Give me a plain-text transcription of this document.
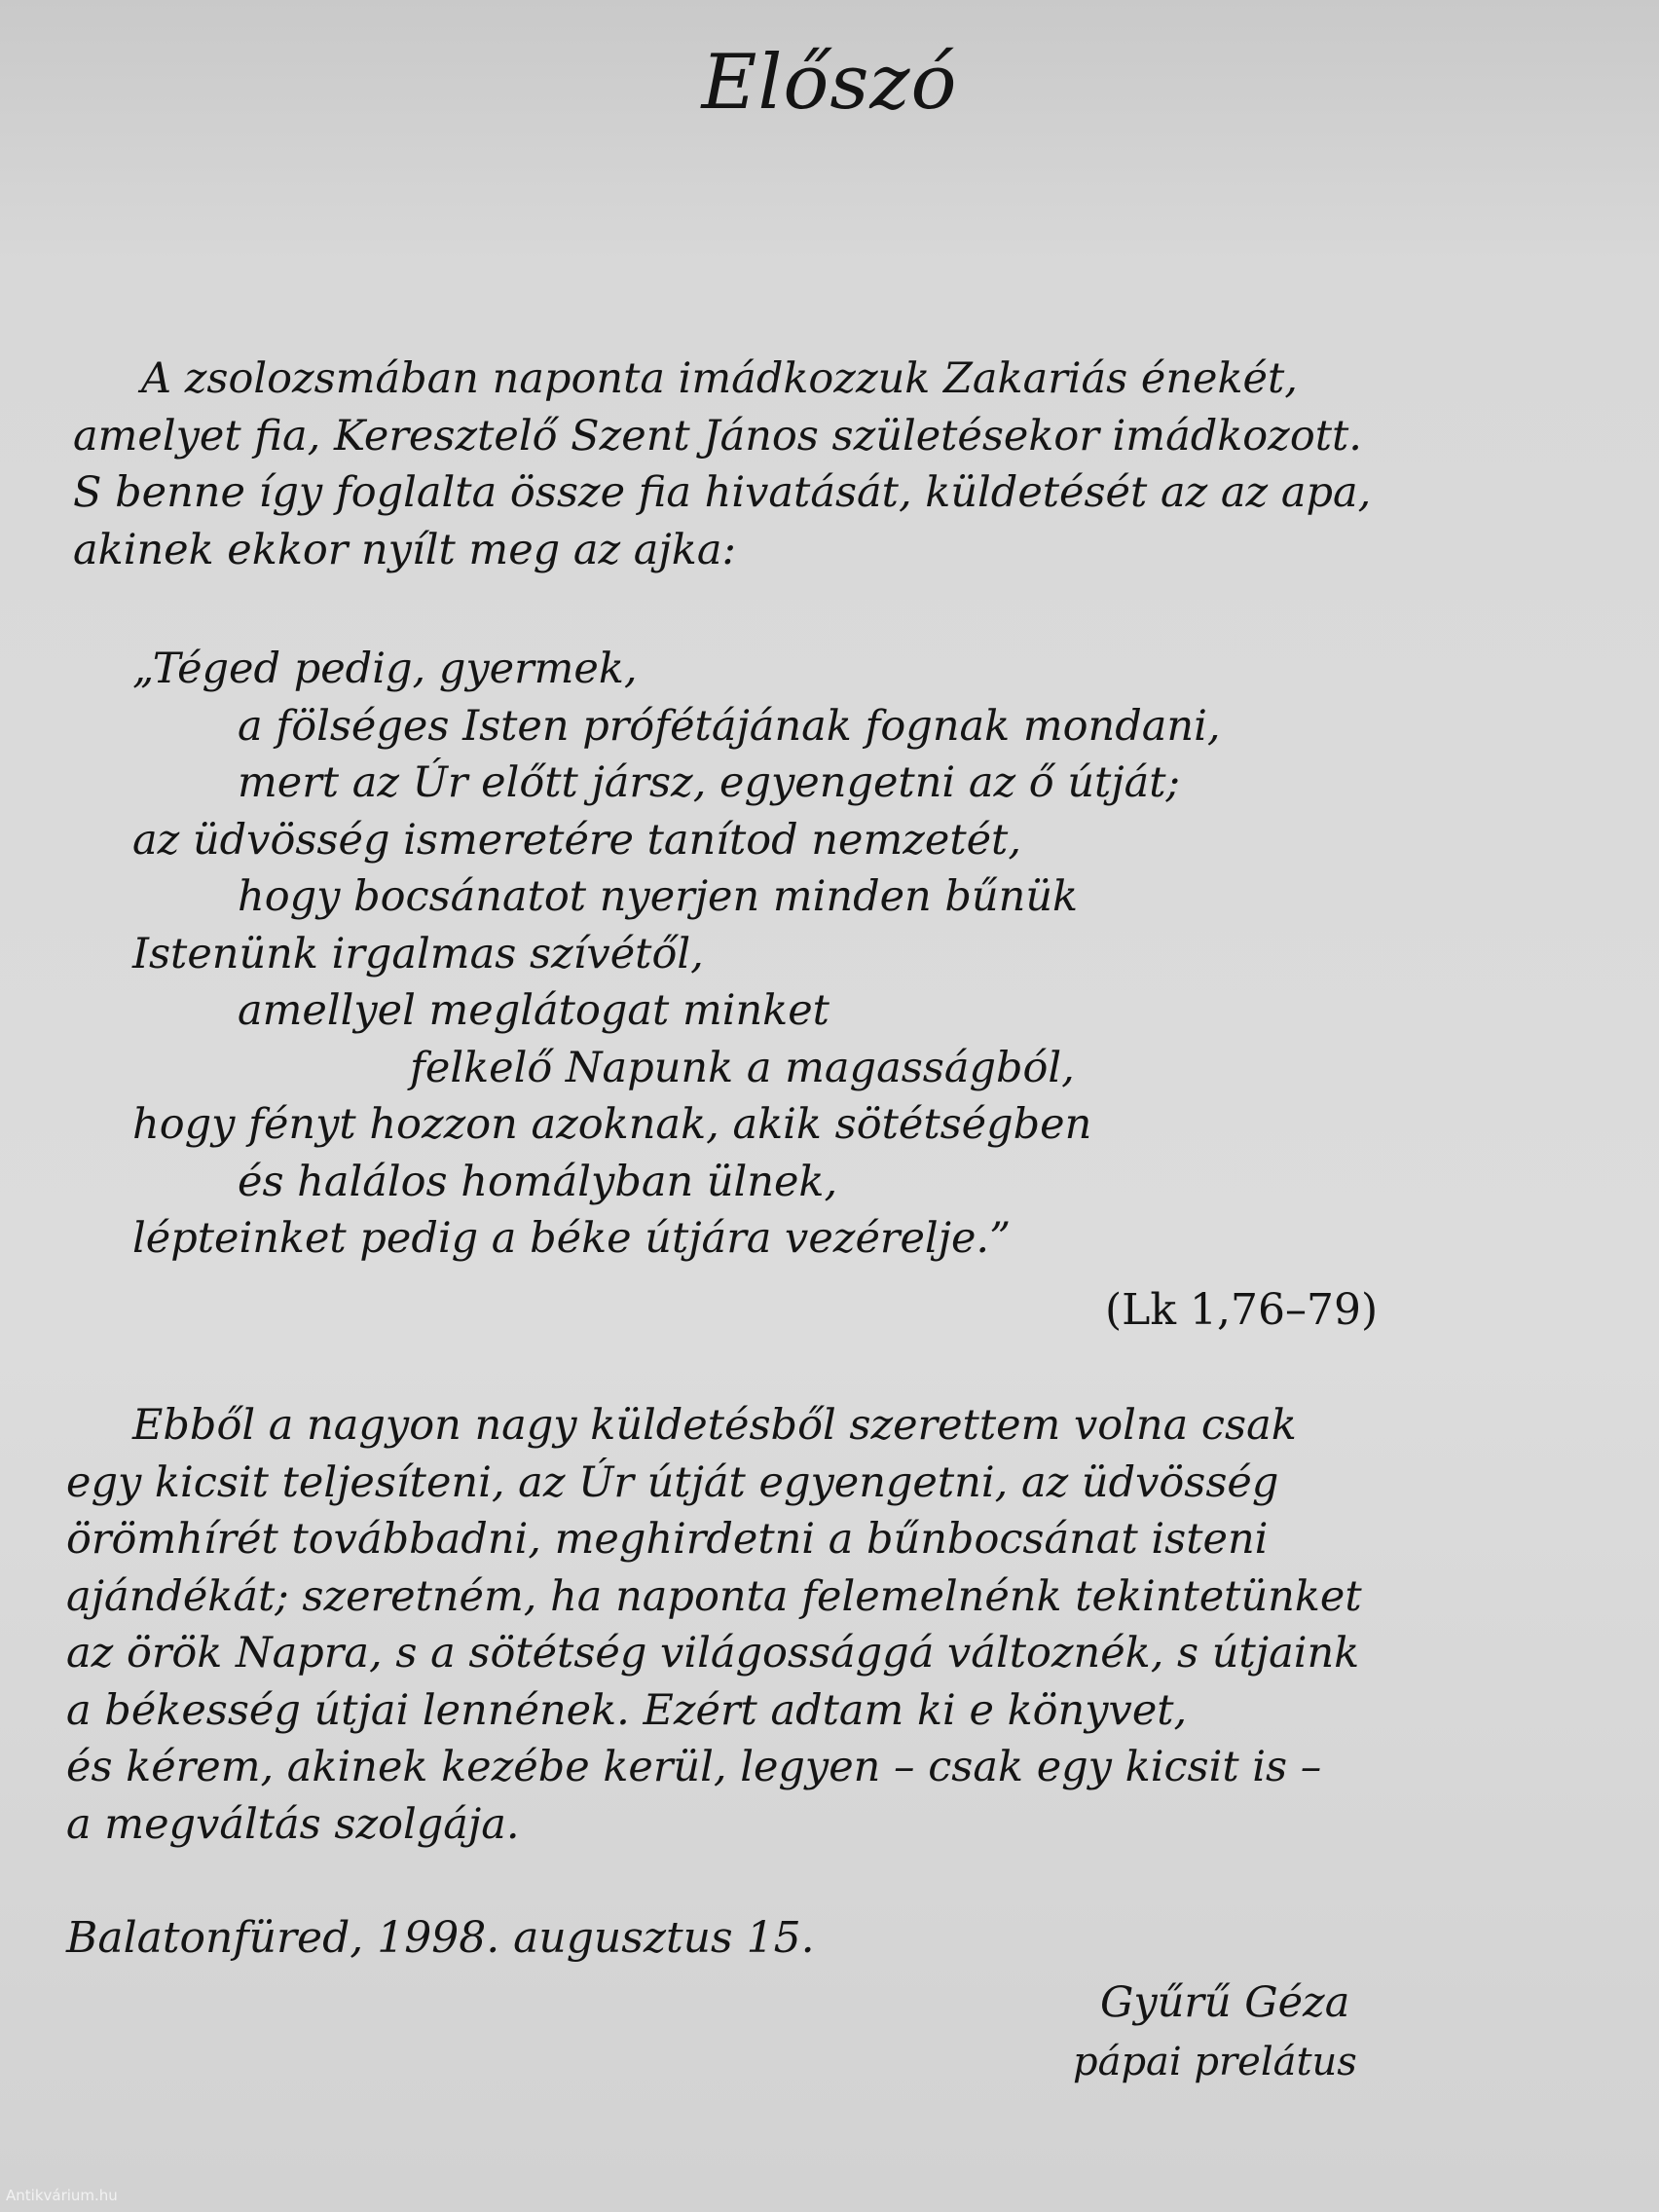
Előszó
A zsolozsmában naponta imádkozzuk Zakariás énekét,
amelyet fia, Keresztelő Szent János születésekor imádkozott.
S benne így foglalta össze fia hivatását, küldetését az az apa,
akinek ekkor nyílt meg az ajka:
„Téged pedig, gyermek,
a fölséges Isten prófétájának fognak mondani,
mert az Úr előtt jársz, egyengetni az ő útját;
az üdvösség ismeretére tanítod nemzetét,
hogy bocsánatot nyerjen minden bűnük
Istenünk irgalmas szívétől,
amellyel meglátogat minket
felkelő Napunk a magasságból,
hogy fényt hozzon azoknak, akik sötétségben
és halálos homályban ülnek,
lépteinket pedig a béke útjára vezérelje.”

(Lk 1,76–79)

Ebből a nagyon nagy küldetésből szerettem volna csak
egy kicsit teljesíteni, az Úr útját egyengetni, az üdvösség
örömhírét továbbadni, meghirdetni a bűnbocsánat isteni
ajándékát; szeretném, ha naponta felemelnénk tekintetünket
az örök Napra, s a sötétség világossággá változnék, s útjaink
a békesség útjai lennének. Ezért adtam ki e könyvet,
és kérem, akinek kezébe kerül, legyen – csak egy kicsit is –
a megváltás szolgája.

Balatonfüred, 1998. augusztus 15.

Gyűrű Géza

pápai prelátus

Antikvárium.hu
